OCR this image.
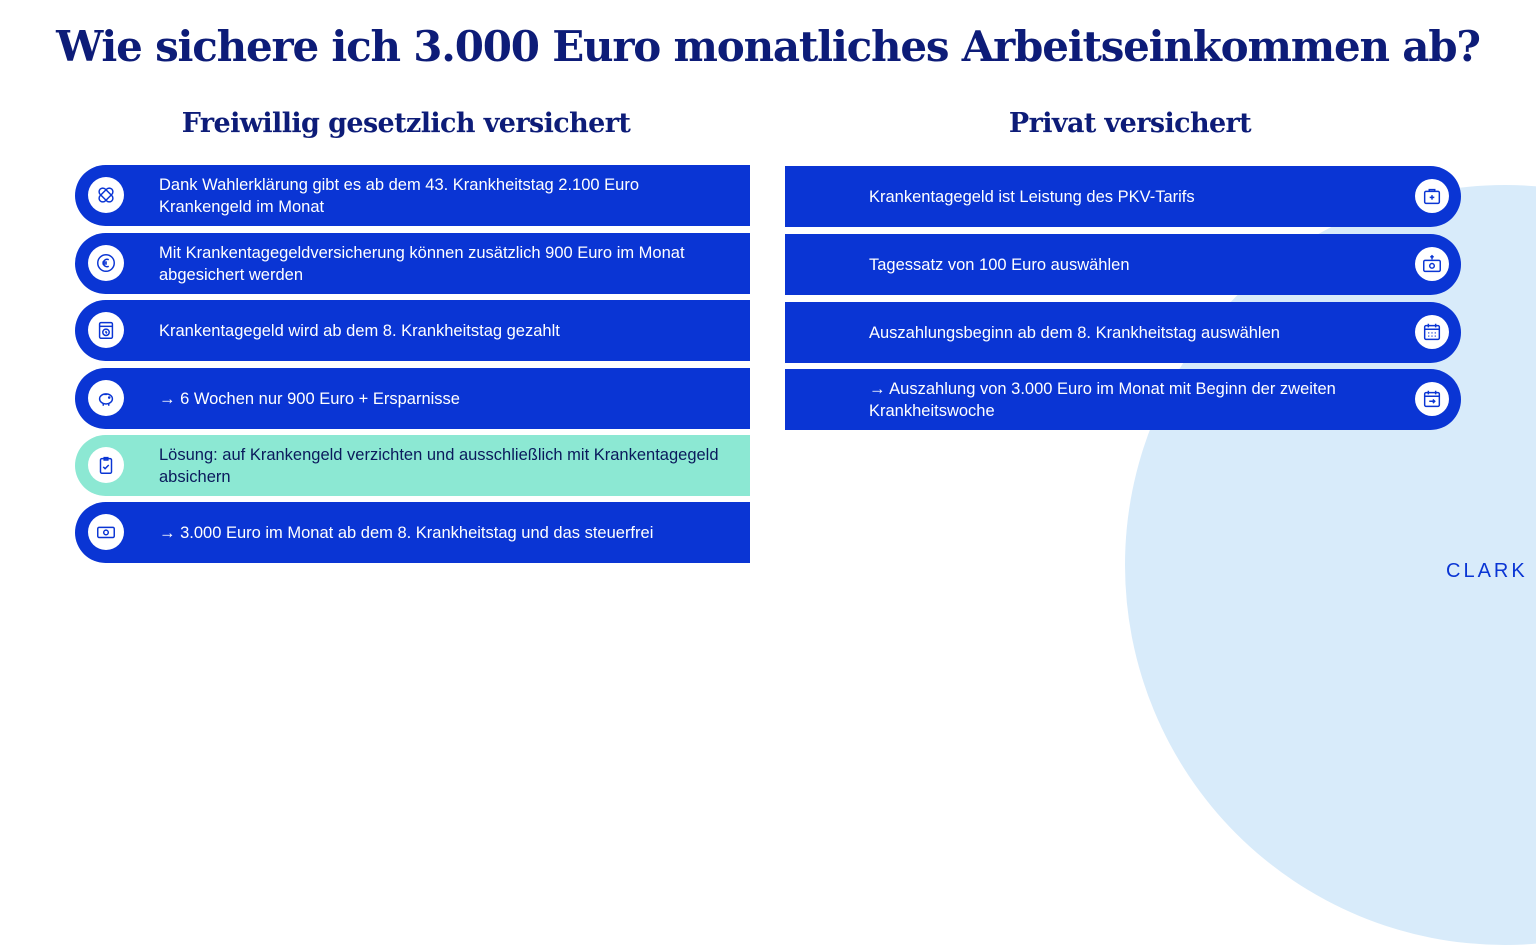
Wie sichere ich 3.000 Euro monatliches Arbeitseinkommen ab?
Freiwillig gesetzlich versichert	Privat versichert
Dank Wahlerklärung gibt es ab dem 43. Krankheitstag 2.100 Euro Krankengeld im Monat
Mit Krankentagegeldversicherung können zusätzlich 900 Euro im Monat abgesichert werden
Krankentagegeld wird ab dem 8. Krankheitstag gezahlt
→ 6 Wochen nur 900 Euro + Ersparnisse
Lösung: auf Krankengeld verzichten und ausschließlich mit Krankentagegeld absichern
→ 3.000 Euro im Monat ab dem 8. Krankheitstag und das steuerfrei
Krankentagegeld ist Leistung des PKV-Tarifs
Tagessatz von 100 Euro auswählen
Auszahlungsbeginn ab dem 8. Krankheitstag auswählen
→ Auszahlung von 3.000 Euro im Monat mit Beginn der zweiten Krankheitswoche
CLARK
